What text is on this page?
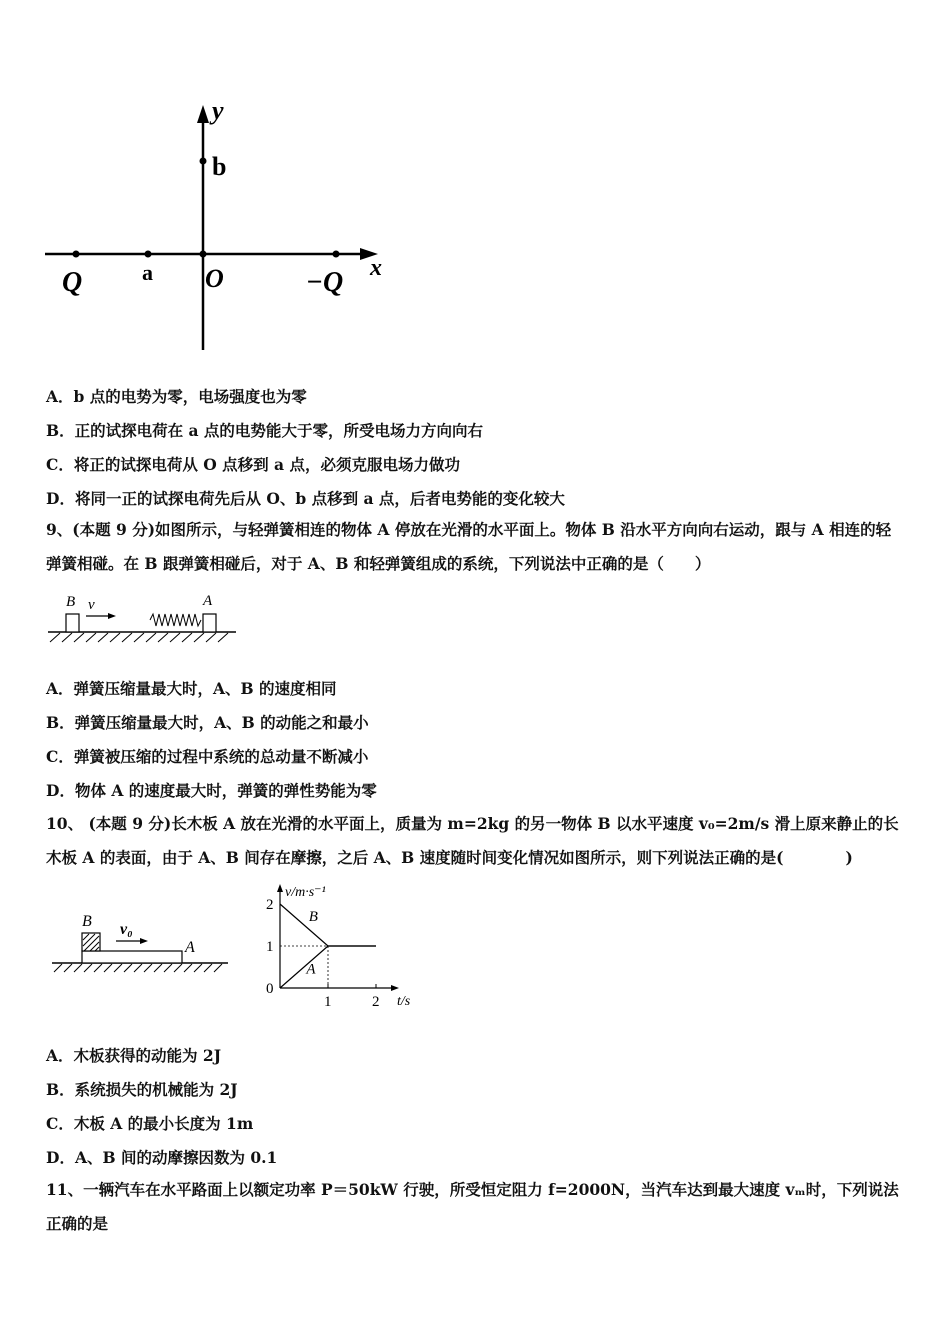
y
x
b
Q	a O	−Q
A．b 点的电势为零，电场强度也为零
B．正的试探电荷在 a 点的电势能大于零，所受电场力方向向右
C．将正的试探电荷从 O 点移到 a 点，必须克服电场力做功
D．将同一正的试探电荷先后从 O、b 点移到 a 点，后者电势能的变化较大
9、(本题 9 分)如图所示，与轻弹簧相连的物体 A 停放在光滑的水平面上。物体 B 沿水平方向向右运动，跟与 A 相连的轻弹簧相碰。在 B 跟弹簧相碰后，对于 A、B 和轻弹簧组成的系统，下列说法中正确的是（　　）
B v	A
A．弹簧压缩量最大时，A、B 的速度相同
B．弹簧压缩量最大时，A、B 的动能之和最小
C．弹簧被压缩的过程中系统的总动量不断减小
D．物体 A 的速度最大时，弹簧的弹性势能为零
10、 (本题 9 分)长木板 A 放在光滑的水平面上，质量为 m=2kg 的另一物体 B 以水平速度 v₀=2m/s 滑上原来静止的长木板 A 的表面，由于 A、B 间存在摩擦，之后 A、B 速度随时间变化情况如图所示，则下列说法正确的是(　　　　)
A
B v₀
v/m·s⁻¹
t/s
0
1
2
1	2
B
A
A．木板获得的动能为 2J
B．系统损失的机械能为 2J
C．木板 A 的最小长度为 1m
D．A、B 间的动摩擦因数为 0.1
11、一辆汽车在水平路面上以额定功率 P＝50kW 行驶，所受恒定阻力 f=2000N，当汽车达到最大速度 vₘ时，下列说法正确的是
